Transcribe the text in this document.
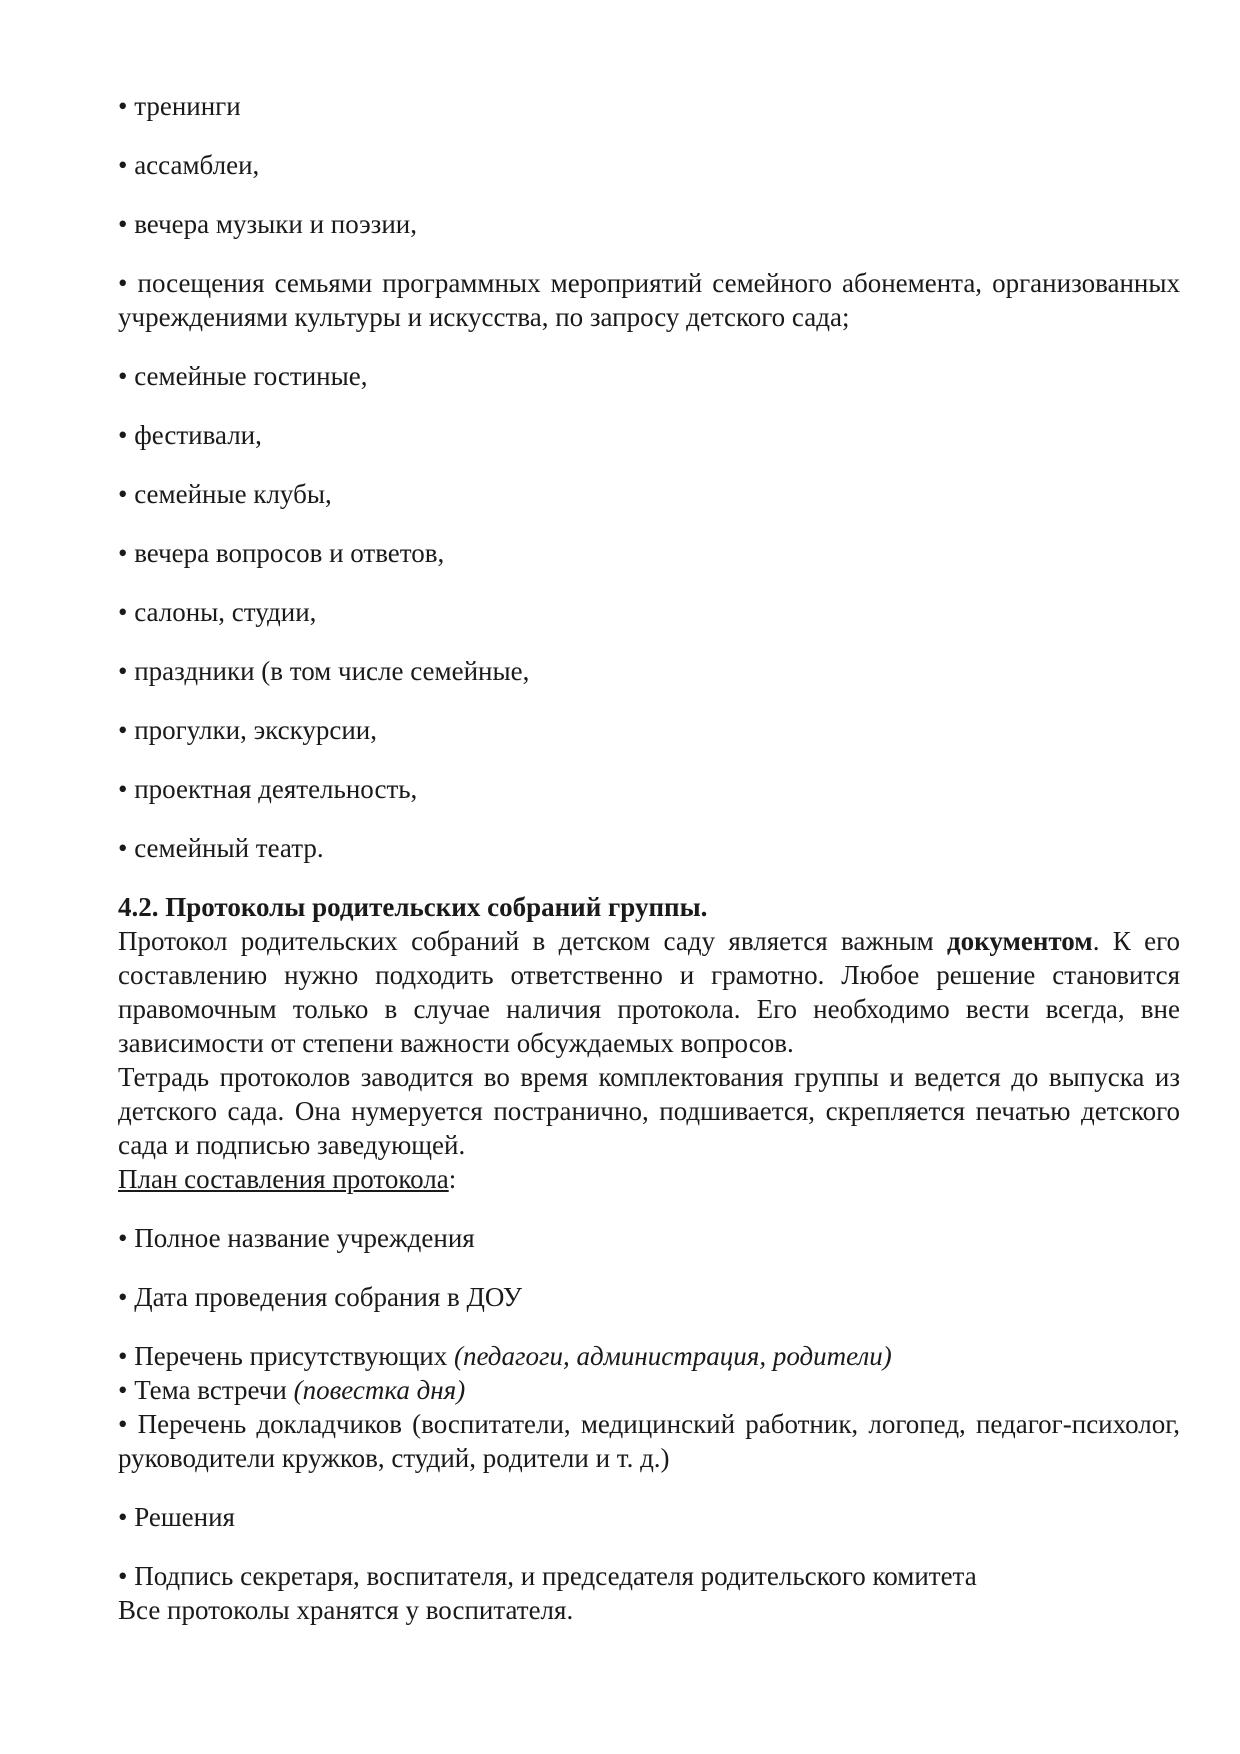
• тренинги

• ассамблеи,

• вечера музыки и поэзии,

• посещения семьями программных мероприятий семейного абонемента, организованных учреждениями культуры и искусства, по запросу детского сада;

• семейные гостиные,

• фестивали,

• семейные клубы,

• вечера вопросов и ответов,

• салоны, студии,

• праздники (в том числе семейные,

• прогулки, экскурсии,

• проектная деятельность,

• семейный театр.

4.2. Протоколы родительских собраний группы.

Протокол родительских собраний в детском саду является важным документом. К его составлению нужно подходить ответственно и грамотно. Любое решение становится правомочным только в случае наличия протокола. Его необходимо вести всегда, вне зависимости от степени важности обсуждаемых вопросов.

Тетрадь протоколов заводится во время комплектования группы и ведется до выпуска из детского сада. Она нумеруется постранично, подшивается, скрепляется печатью детского сада и подписью заведующей.

План составления протокола:

• Полное название учреждения

• Дата проведения собрания в ДОУ

• Перечень присутствующих (педагоги, администрация, родители)

• Тема встречи (повестка дня)

• Перечень докладчиков (воспитатели, медицинский работник, логопед, педагог-психолог, руководители кружков, студий, родители и т. д.)

• Решения

• Подпись секретаря, воспитателя, и председателя родительского комитета

Все протоколы хранятся у воспитателя.
